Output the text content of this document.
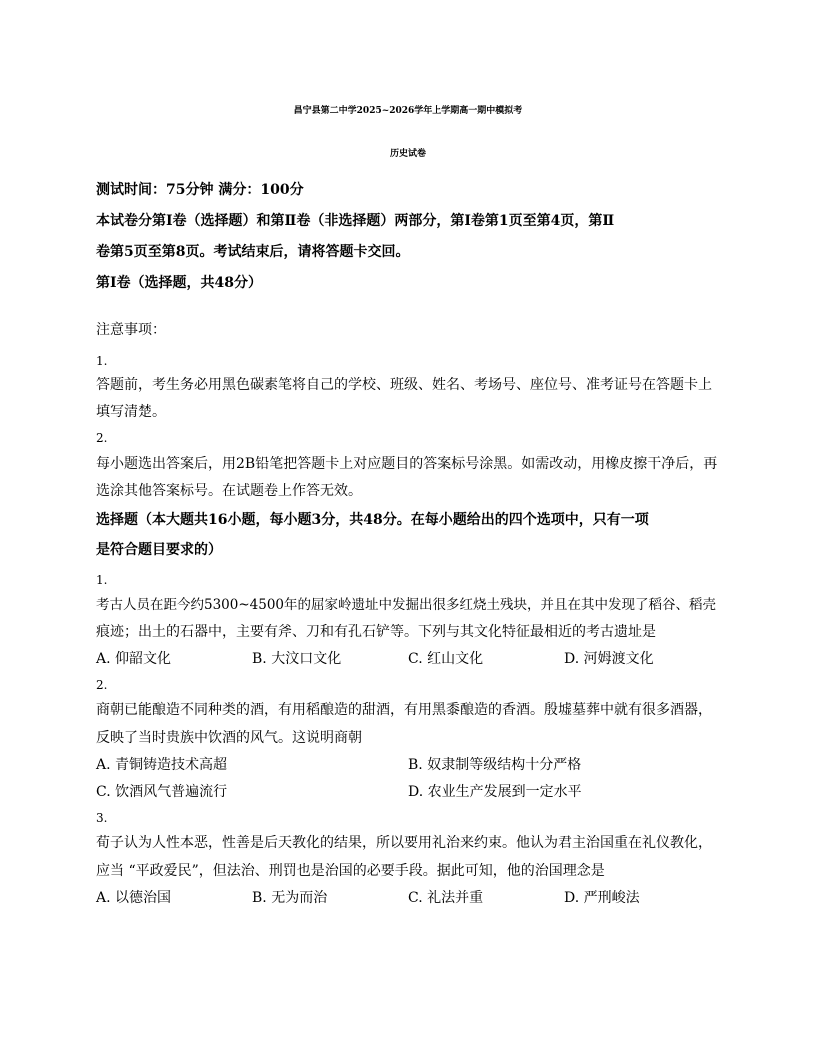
昌宁县第二中学2025~2026学年上学期高一期中模拟考
历史试卷

测试时间：75分钟 满分：100分

本试卷分第Ⅰ卷（选择题）和第Ⅱ卷（非选择题）两部分，第Ⅰ卷第1页至第4页，第Ⅱ

卷第5页至第8页。考试结束后，请将答题卡交回。

第Ⅰ卷（选择题，共48分）

注意事项：

1.

答题前，考生务必用黑色碳素笔将自己的学校、班级、姓名、考场号、座位号、准考证号在答题卡上

填写清楚。

2.

每小题选出答案后，用2B铅笔把答题卡上对应题目的答案标号涂黑。如需改动，用橡皮擦干净后，再

选涂其他答案标号。在试题卷上作答无效。

选择题（本大题共16小题，每小题3分，共48分。在每小题给出的四个选项中，只有一项

是符合题目要求的）

1.

考古人员在距今约5300~4500年的屈家岭遗址中发掘出很多红烧土残块，并且在其中发现了稻谷、稻壳

痕迹；出土的石器中，主要有斧、刀和有孔石铲等。下列与其文化特征最相近的考古遗址是

A. 仰韶文化	B. 大汶口文化	C. 红山文化	D. 河姆渡文化

2.

商朝已能酿造不同种类的酒，有用稻酿造的甜酒，有用黑黍酿造的香酒。殷墟墓葬中就有很多酒器，

反映了当时贵族中饮酒的风气。这说明商朝

A. 青铜铸造技术高超	B. 奴隶制等级结构十分严格
C. 饮酒风气普遍流行	D. 农业生产发展到一定水平

3.

荀子认为人性本恶，性善是后天教化的结果，所以要用礼治来约束。他认为君主治国重在礼仪教化，

应当 “平政爱民”，但法治、刑罚也是治国的必要手段。据此可知，他的治国理念是

A. 以德治国	B. 无为而治	C. 礼法并重	D. 严刑峻法
